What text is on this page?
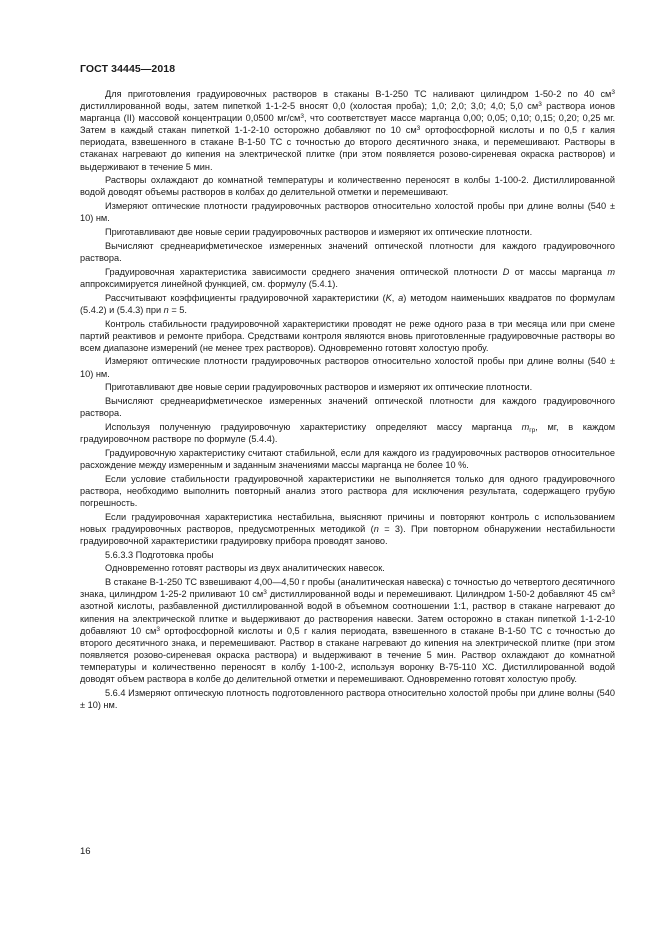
ГОСТ 34445—2018

Для приготовления градуировочных растворов в стаканы В-1-250 ТС наливают цилиндром 1-50-2 по 40 $см^3$ дистиллированной воды, затем пипеткой 1-1-2-5 вносят 0,0 (холостая проба); 1,0; 2,0; 3,0; 4,0; 5,0 $см^3$ раствора ионов марганца (II) массовой концентрации 0,0500 $мг/см^3$, что соответствует массе марганца 0,00; 0,05; 0,10; 0,15; 0,20; 0,25 мг. Затем в каждый стакан пипеткой 1-1-2-10 осторожно добавляют по 10 $см^3$ ортофосфорной кислоты и по 0,5 г калия периодата, взвешенного в стакане В-1-50 ТС с точностью до второго десятичного знака, и перемешивают. Растворы в стаканах нагревают до кипения на электрической плитке (при этом появляется розово-сиреневая окраска растворов) и выдерживают в течение 5 мин.

Растворы охлаждают до комнатной температуры и количественно переносят в колбы 1-100-2. Дистиллированной водой доводят объемы растворов в колбах до делительной отметки и перемешивают.

Измеряют оптические плотности градуировочных растворов относительно холостой пробы при длине волны (540 ± 10) нм.

Приготавливают две новые серии градуировочных растворов и измеряют их оптические плотности.

Вычисляют среднеарифметическое измеренных значений оптической плотности для каждого градуировочного раствора.

Градуировочная характеристика зависимости среднего значения оптической плотности D от массы марганца m аппроксимируется линейной функцией, см. формулу (5.4.1).

Рассчитывают коэффициенты градуировочной характеристики (K, a) методом наименьших квадратов по формулам (5.4.2) и (5.4.3) при n = 5.

Контроль стабильности градуировочной характеристики проводят не реже одного раза в три месяца или при смене партий реактивов и ремонте прибора. Средствами контроля являются вновь приготовленные градуировочные растворы во всем диапазоне измерений (не менее трех растворов). Одновременно готовят холостую пробу.

Измеряют оптические плотности градуировочных растворов относительно холостой пробы при длине волны (540 ± 10) нм.

Приготавливают две новые серии градуировочных растворов и измеряют их оптические плотности.

Вычисляют среднеарифметическое измеренных значений оптической плотности для каждого градуировочного раствора.

Используя полученную градуировочную характеристику определяют массу марганца $m_{гр}$, мг, в каждом градуировочном растворе по формуле (5.4.4).

Градуировочную характеристику считают стабильной, если для каждого из градуировочных растворов относительное расхождение между измеренным и заданным значениями массы марганца не более 10 %.

Если условие стабильности градуировочной характеристики не выполняется только для одного градуировочного раствора, необходимо выполнить повторный анализ этого раствора для исключения результата, содержащего грубую погрешность.

Если градуировочная характеристика нестабильна, выясняют причины и повторяют контроль с использованием новых градуировочных растворов, предусмотренных методикой (n = 3). При повторном обнаружении нестабильности градуировочной характеристики градуировку прибора проводят заново.

5.6.3.3 Подготовка пробы

Одновременно готовят растворы из двух аналитических навесок.

В стакане В-1-250 ТС взвешивают 4,00—4,50 г пробы (аналитическая навеска) с точностью до четвертого десятичного знака, цилиндром 1-25-2 приливают 10 $см^3$ дистиллированной воды и перемешивают. Цилиндром 1-50-2 добавляют 45 $см^3$ азотной кислоты, разбавленной дистиллированной водой в объемном соотношении 1:1, раствор в стакане нагревают до кипения на электрической плитке и выдерживают до растворения навески. Затем осторожно в стакан пипеткой 1-1-2-10 добавляют 10 $см^3$ ортофосфорной кислоты и 0,5 г калия периодата, взвешенного в стакане В-1-50 ТС с точностью до второго десятичного знака, и перемешивают. Раствор в стакане нагревают до кипения на электрической плитке (при этом появляется розово-сиреневая окраска раствора) и выдерживают в течение 5 мин. Раствор охлаждают до комнатной температуры и количественно переносят в колбу 1-100-2, используя воронку В-75-110 ХС. Дистиллированной водой доводят объем раствора в колбе до делительной отметки и перемешивают. Одновременно готовят холостую пробу.

5.6.4 Измеряют оптическую плотность подготовленного раствора относительно холостой пробы при длине волны (540 ± 10) нм.

16
